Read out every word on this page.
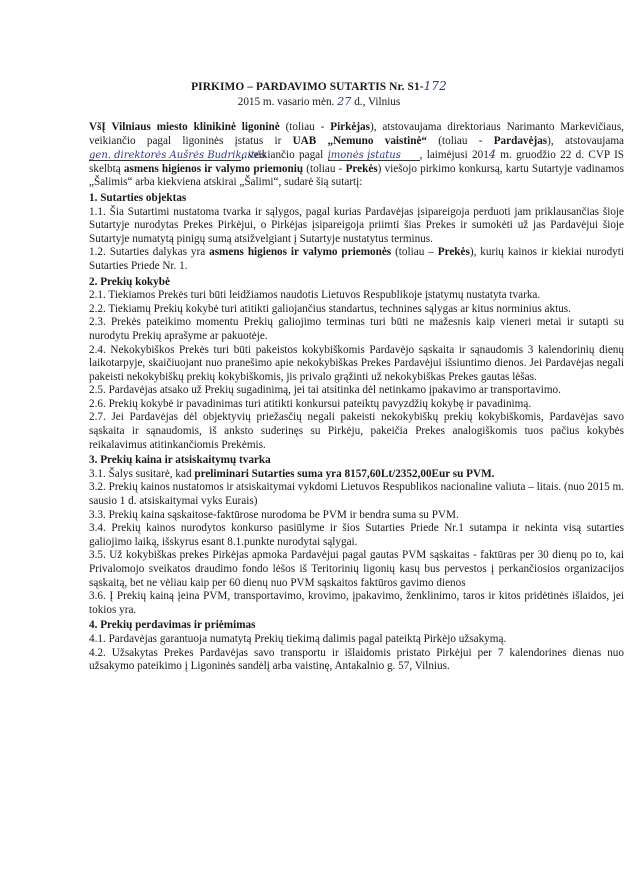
PIRKIMO – PARDAVIMO SUTARTIS Nr. S1-172
2015 m. vasario mėn. 27 d., Vilnius

VšĮ Vilniaus miesto klinikinė ligoninė (toliau - Pirkėjas), atstovaujama direktoriaus Narimanto Markevičiaus, veikiančio pagal ligoninės įstatus ir UAB „Nemuno vaistinė“ (toliau - Pardavėjas), atstovaujama gen. direktorės Aušrės Budrikaitės, veikiančio pagal įmonės įstatus , laimėjusi 2014 m. gruodžio 22 d. CVP IS skelbtą asmens higienos ir valymo priemonių (toliau - Prekės) viešojo pirkimo konkursą, kartu Sutartyje vadinamos „Šalimis“ arba kiekviena atskirai „Šalimi“, sudarė šią sutartį:

1. Sutarties objektas

1.1. Šia Sutartimi nustatoma tvarka ir sąlygos, pagal kurias Pardavėjas įsipareigoja perduoti jam priklausančias šioje Sutartyje nurodytas Prekes Pirkėjui, o Pirkėjas įsipareigoja priimti šias Prekes ir sumokėti už jas Pardavėjui šioje Sutartyje numatytą pinigų sumą atsižvelgiant į Sutartyje nustatytus terminus.

1.2. Sutarties dalykas yra asmens higienos ir valymo priemonės (toliau – Prekės), kurių kainos ir kiekiai nurodyti Sutarties Priede Nr. 1.

2. Prekių kokybė

2.1. Tiekiamos Prekės turi būti leidžiamos naudotis Lietuvos Respublikoje įstatymų nustatyta tvarka.

2.2. Tiekiamų Prekių kokybė turi atitikti galiojančius standartus, technines sąlygas ar kitus norminius aktus.

2.3. Prekės pateikimo momentu Prekių galiojimo terminas turi būti ne mažesnis kaip vieneri metai ir sutapti su nurodytu Prekių aprašyme ar pakuotėje.

2.4. Nekokybiškos Prekės turi būti pakeistos kokybiškomis Pardavėjo sąskaita ir sąnaudomis 3 kalendorinių dienų laikotarpyje, skaičiuojant nuo pranešimo apie nekokybiškas Prekes Pardavėjui išsiuntimo dienos. Jei Pardavėjas negali pakeisti nekokybiškų prekių kokybiškomis, jis privalo grąžinti už nekokybiškas Prekes gautas lėšas.

2.5. Pardavėjas atsako už Prekių sugadinimą, jei tai atsitinka dėl netinkamo įpakavimo ar transportavimo.

2.6. Prekių kokybė ir pavadinimas turi atitikti konkursui pateiktų pavyzdžių kokybę ir pavadinimą.

2.7. Jei Pardavėjas dėl objektyvių priežasčių negali pakeisti nekokybiškų prekių kokybiškomis, Pardavėjas savo sąskaita ir sąnaudomis, iš anksto suderinęs su Pirkėju, pakeičia Prekes analogiškomis tuos pačius kokybės reikalavimus atitinkančiomis Prekėmis.

3. Prekių kaina ir atsiskaitymų tvarka

3.1. Šalys susitarė, kad preliminari Sutarties suma yra 8157,60Lt/2352,00Eur su PVM.

3.2. Prekių kainos nustatomos ir atsiskaitymai vykdomi Lietuvos Respublikos nacionaline valiuta – litais. (nuo 2015 m. sausio 1 d. atsiskaitymai vyks Eurais)

3.3. Prekių kaina sąskaitose-faktūrose nurodoma be PVM ir bendra suma su PVM.

3.4. Prekių kainos nurodytos konkurso pasiūlyme ir šios Sutarties Priede Nr.1 sutampa ir nekinta visą sutarties galiojimo laiką, išskyrus esant 8.1.punkte nurodytai sąlygai.

3.5. Už kokybiškas prekes Pirkėjas apmoka Pardavėjui pagal gautas PVM sąskaitas - faktūras per 30 dienų po to, kai Privalomojo sveikatos draudimo fondo lėšos iš Teritorinių ligonių kasų bus pervestos į perkančiosios organizacijos sąskaitą, bet ne vėliau kaip per 60 dienų nuo PVM sąskaitos faktūros gavimo dienos

3.6. Į Prekių kainą įeina PVM, transportavimo, krovimo, įpakavimo, ženklinimo, taros ir kitos pridėtinės išlaidos, jei tokios yra.

4. Prekių perdavimas ir priėmimas

4.1. Pardavėjas garantuoja numatytą Prekių tiekimą dalimis pagal pateiktą Pirkėjo užsakymą.

4.2. Užsakytas Prekes Pardavėjas savo transportu ir išlaidomis pristato Pirkėjui per 7 kalendorines dienas nuo užsakymo pateikimo į Ligoninės sandėlį arba vaistinę, Antakalnio g. 57, Vilnius.
